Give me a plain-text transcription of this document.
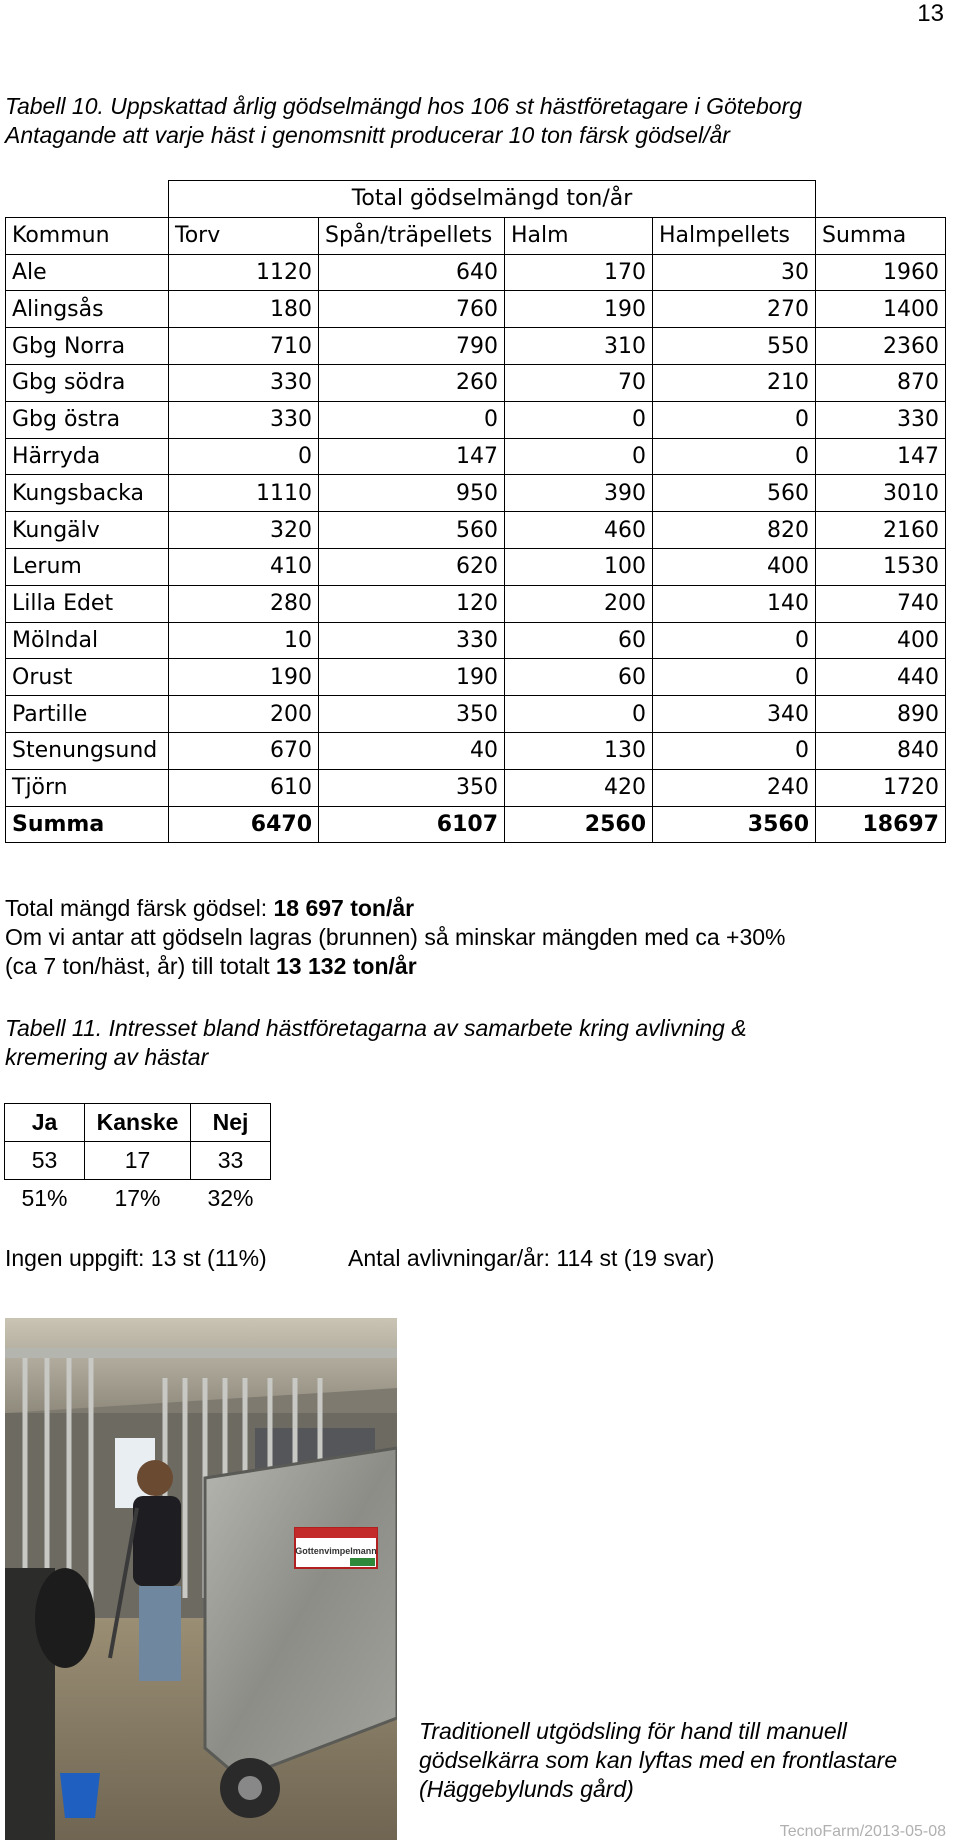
13
Tabell 10. Uppskattad årlig gödselmängd hos 106 st hästföretagare i Göteborg
Antagande att varje häst i genomsnitt producerar 10 ton färsk gödsel/år
	Total gödselmängd ton/år				
Kommun	Torv	Spån/träpellets	Halm	Halmpellets	Summa
Ale	1120	640	170	30	1960
Alingsås	180	760	190	270	1400
Gbg Norra	710	790	310	550	2360
Gbg södra	330	260	70	210	870
Gbg östra	330	0	0	0	330
Härryda	0	147	0	0	147
Kungsbacka	1110	950	390	560	3010
Kungälv	320	560	460	820	2160
Lerum	410	620	100	400	1530
Lilla Edet	280	120	200	140	740
Mölndal	10	330	60	0	400
Orust	190	190	60	0	440
Partille	200	350	0	340	890
Stenungsund	670	40	130	0	840
Tjörn	610	350	420	240	1720
Summa	6470	6107	2560	3560	18697
Total mängd färsk gödsel: 18 697 ton/år
Om vi antar att gödseln lagras (brunnen) så minskar mängden med ca +30%
(ca 7 ton/häst, år) till totalt 13 132 ton/år
Tabell 11. Intresset bland hästföretagarna av samarbete kring avlivning &
kremering av hästar
Ja	Kanske	Nej
53	17	33
51%	17%	32%
Ingen uppgift: 13 st (11%)	Antal avlivningar/år: 114 st (19 svar)
Gottenvimpelmann
Traditionell utgödsling för hand till manuell
gödselkärra som kan lyftas med en frontlastare
(Häggebylunds gård)
TecnoFarm/2013-05-08
